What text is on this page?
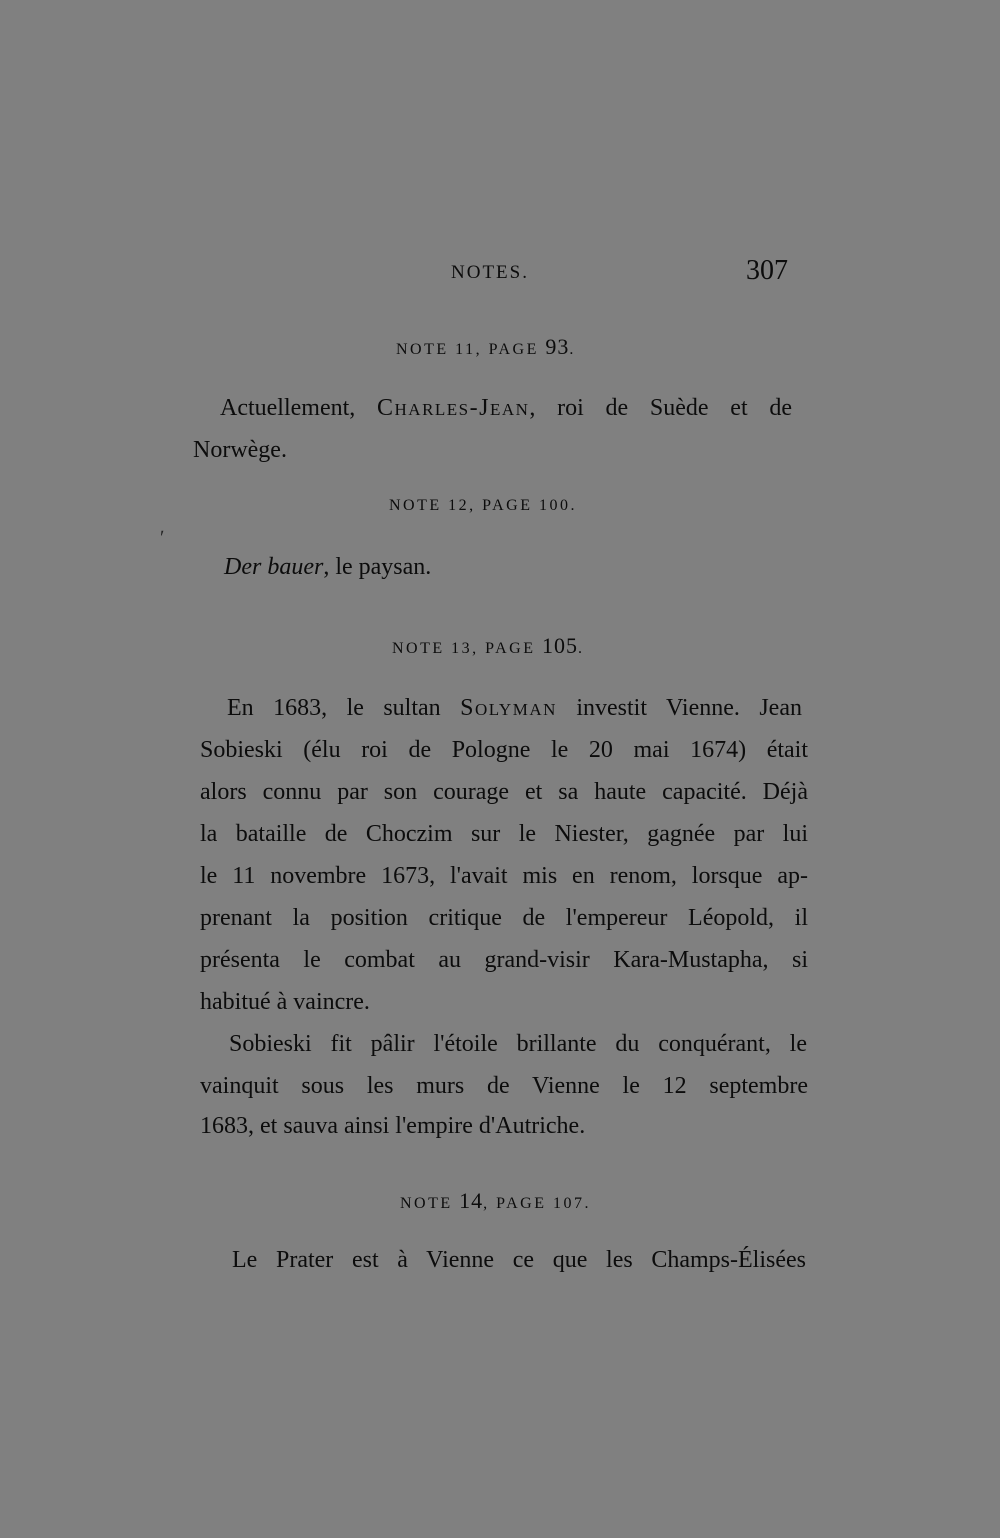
NOTES.	307
NOTE 11, PAGE 93.
Actuellement, Charles-Jean, roi de Suède et de
Norwège.
NOTE 12, PAGE 100.
ʹ
Der bauer, le paysan.
NOTE 13, PAGE 105.
En 1683, le sultan Solyman investit Vienne. Jean
Sobieski (élu roi de Pologne le 20 mai 1674) était
alors connu par son courage et sa haute capacité. Déjà
la bataille de Choczim sur le Niester, gagnée par lui
le 11 novembre 1673, l'avait mis en renom, lorsque ap-
prenant la position critique de l'empereur Léopold, il
présenta le combat au grand-visir Kara-Mustapha, si
habitué à vaincre.
Sobieski fit pâlir l'étoile brillante du conquérant, le
vainquit sous les murs de Vienne le 12 septembre
1683, et sauva ainsi l'empire d'Autriche.
NOTE 14, PAGE 107.
Le Prater est à Vienne ce que les Champs-Élisées
